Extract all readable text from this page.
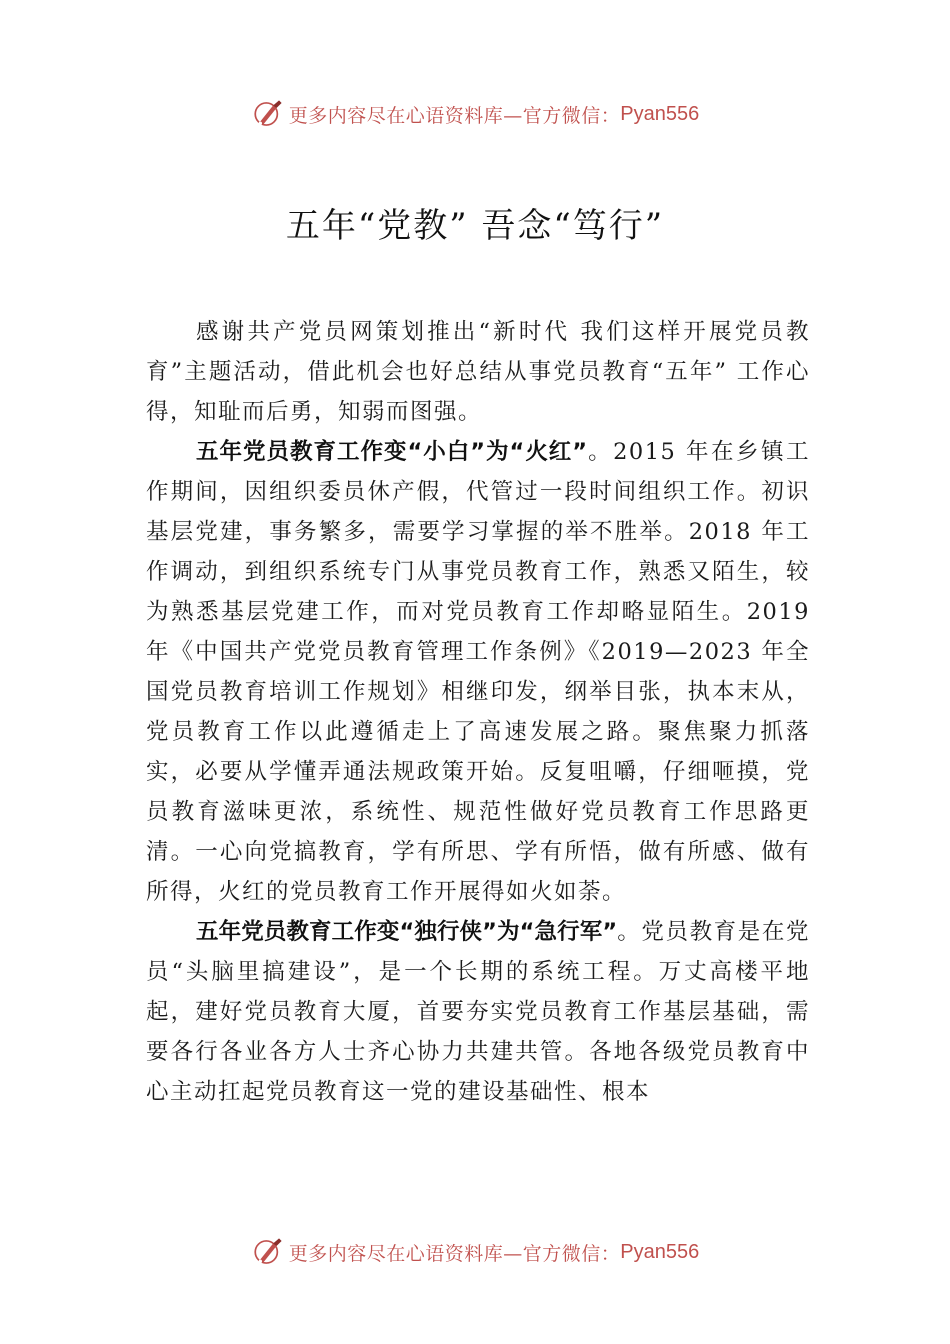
更多内容尽在心语资料库—官方微信： Pyan556
五年“党教” 吾念“笃行”

感谢共产党员网策划推出“新时代 我们这样开展党员教育”主题活动，借此机会也好总结从事党员教育“五年” 工作心得，知耻而后勇，知弱而图强。

五年党员教育工作变“小白”为“火红”。2015 年在乡镇工作期间，因组织委员休产假，代管过一段时间组织工作。初识基层党建，事务繁多，需要学习掌握的举不胜举。2018 年工作调动，到组织系统专门从事党员教育工作，熟悉又陌生，较为熟悉基层党建工作，而对党员教育工作却略显陌生。2019 年《中国共产党党员教育管理工作条例》《2019—2023 年全国党员教育培训工作规划》相继印发，纲举目张，执本末从，党员教育工作以此遵循走上了高速发展之路。聚焦聚力抓落实，必要从学懂弄通法规政策开始。反复咀嚼，仔细咂摸，党员教育滋味更浓，系统性、规范性做好党员教育工作思路更清。一心向党搞教育，学有所思、学有所悟，做有所感、做有所得，火红的党员教育工作开展得如火如荼。

五年党员教育工作变“独行侠”为“急行军”。党员教育是在党员“头脑里搞建设”，是一个长期的系统工程。万丈高楼平地起，建好党员教育大厦，首要夯实党员教育工作基层基础，需要各行各业各方人士齐心协力共建共管。各地各级党员教育中心主动扛起党员教育这一党的建设基础性、根本

更多内容尽在心语资料库—官方微信： Pyan556
